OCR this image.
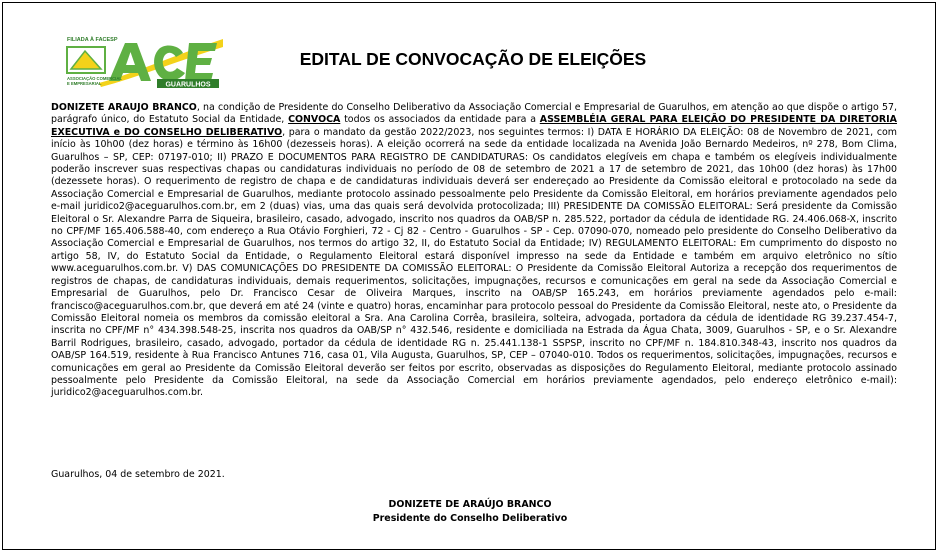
FILIADA À FACESP
ASSOCIAÇÃO COMERCIAL
E EMPRESARIAL	GUARULHOS
EDITAL DE CONVOCAÇÃO DE ELEIÇÕES

DONIZETE ARAUJO BRANCO, na condição de Presidente do Conselho Deliberativo da Associação Comercial e Empresarial de Guarulhos, em atenção ao que dispõe o artigo 57, parágrafo único, do Estatuto Social da Entidade, CONVOCA todos os associados da entidade para a ASSEMBLÉIA GERAL PARA ELEIÇÃO DO PRESIDENTE DA DIRETORIA EXECUTIVA e DO CONSELHO DELIBERATIVO, para o mandato da gestão 2022/2023, nos seguintes termos: I) DATA E HORÁRIO DA ELEIÇÃO: 08 de Novembro de 2021, com início às 10h00 (dez horas) e término às 16h00 (dezesseis horas). A eleição ocorrerá na sede da entidade localizada na Avenida João Bernardo Medeiros, nº 278, Bom Clima, Guarulhos – SP, CEP: 07197-010; II) PRAZO E DOCUMENTOS PARA REGISTRO DE CANDIDATURAS: Os candidatos elegíveis em chapa e também os elegíveis individualmente poderão inscrever suas respectivas chapas ou candidaturas individuais no período de 08 de setembro de 2021 a 17 de setembro de 2021, das 10h00 (dez horas) às 17h00 (dezessete horas). O requerimento de registro de chapa e de candidaturas individuais deverá ser endereçado ao Presidente da Comissão eleitoral e protocolado na sede da Associação Comercial e Empresarial de Guarulhos, mediante protocolo assinado pessoalmente pelo Presidente da Comissão Eleitoral, em horários previamente agendados pelo e-mail juridico2@aceguarulhos.com.br, em 2 (duas) vias, uma das quais será devolvida protocolizada; III) PRESIDENTE DA COMISSÃO ELEITORAL: Será presidente da Comissão Eleitoral o Sr. Alexandre Parra de Siqueira, brasileiro, casado, advogado, inscrito nos quadros da OAB/SP n. 285.522, portador da cédula de identidade RG. 24.406.068-X, inscrito no CPF/MF 165.406.588-40, com endereço a Rua Otávio Forghieri, 72 - Cj 82 - Centro - Guarulhos - SP - Cep. 07090-070, nomeado pelo presidente do Conselho Deliberativo da Associação Comercial e Empresarial de Guarulhos, nos termos do artigo 32, II, do Estatuto Social da Entidade; IV) REGULAMENTO ELEITORAL: Em cumprimento do disposto no artigo 58, IV, do Estatuto Social da Entidade, o Regulamento Eleitoral estará disponível impresso na sede da Entidade e também em arquivo eletrônico no sítio www.aceguarulhos.com.br. V) DAS COMUNICAÇÕES DO PRESIDENTE DA COMISSÃO ELEITORAL: O Presidente da Comissão Eleitoral Autoriza a recepção dos requerimentos de registros de chapas, de candidaturas individuais, demais requerimentos, solicitações, impugnações, recursos e comunicações em geral na sede da Associação Comercial e Empresarial de Guarulhos, pelo Dr. Francisco Cesar de Oliveira Marques, inscrito na OAB/SP 165.243, em horários previamente agendados pelo e-mail: francisco@aceguarulhos.com.br, que deverá em até 24 (vinte e quatro) horas, encaminhar para protocolo pessoal do Presidente da Comissão Eleitoral, neste ato, o Presidente da Comissão Eleitoral nomeia os membros da comissão eleitoral a Sra. Ana Carolina Corrêa, brasileira, solteira, advogada, portadora da cédula de identidade RG 39.237.454-7, inscrita no CPF/MF n° 434.398.548-25, inscrita nos quadros da OAB/SP n° 432.546, residente e domiciliada na Estrada da Água Chata, 3009, Guarulhos - SP, e o Sr. Alexandre Barril Rodrigues, brasileiro, casado, advogado, portador da cédula de identidade RG n. 25.441.138-1 SSPSP, inscrito no CPF/MF n. 184.810.348-43, inscrito nos quadros da OAB/SP 164.519, residente à Rua Francisco Antunes 716, casa 01, Vila Augusta, Guarulhos, SP, CEP – 07040-010. Todos os requerimentos, solicitações, impugnações, recursos e comunicações em geral ao Presidente da Comissão Eleitoral deverão ser feitos por escrito, observadas as disposições do Regulamento Eleitoral, mediante protocolo assinado pessoalmente pelo Presidente da Comissão Eleitoral, na sede da Associação Comercial em horários previamente agendados, pelo endereço eletrônico e-mail): juridico2@aceguarulhos.com.br.

Guarulhos, 04 de setembro de 2021.
DONIZETE DE ARAÚJO BRANCO
Presidente do Conselho Deliberativo
